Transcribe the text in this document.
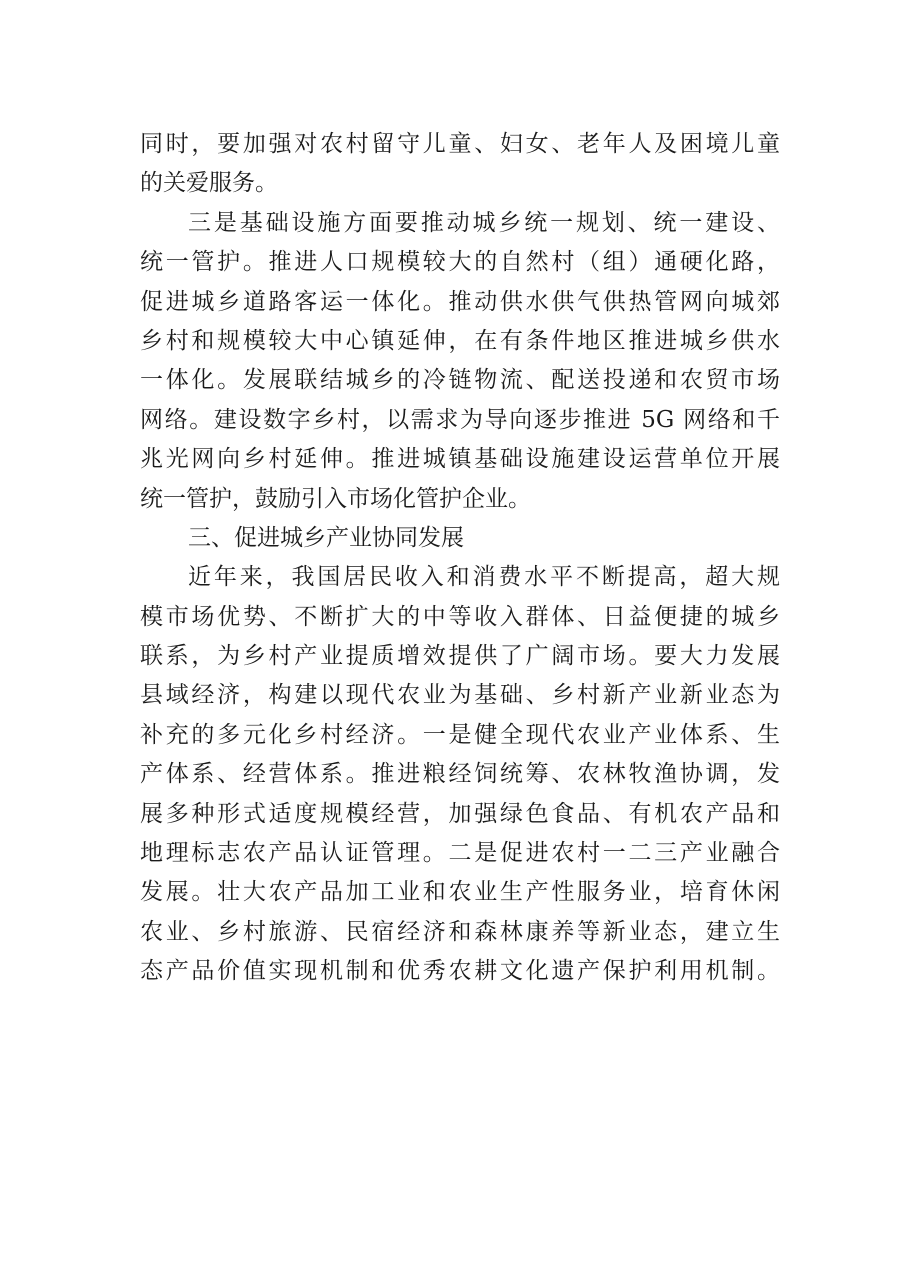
同时，要加强对农村留守儿童、妇女、老年人及困境儿童
的关爱服务。
三是基础设施方面要推动城乡统一规划、统一建设、
统一管护。推进人口规模较大的自然村（组）通硬化路，
促进城乡道路客运一体化。推动供水供气供热管网向城郊
乡村和规模较大中心镇延伸，在有条件地区推进城乡供水
一体化。发展联结城乡的冷链物流、配送投递和农贸市场
网络。建设数字乡村，以需求为导向逐步推进 5G 网络和千
兆光网向乡村延伸。推进城镇基础设施建设运营单位开展
统一管护，鼓励引入市场化管护企业。
三、促进城乡产业协同发展
近年来，我国居民收入和消费水平不断提高，超大规
模市场优势、不断扩大的中等收入群体、日益便捷的城乡
联系，为乡村产业提质增效提供了广阔市场。要大力发展
县域经济，构建以现代农业为基础、乡村新产业新业态为
补充的多元化乡村经济。一是健全现代农业产业体系、生
产体系、经营体系。推进粮经饲统筹、农林牧渔协调，发
展多种形式适度规模经营，加强绿色食品、有机农产品和
地理标志农产品认证管理。二是促进农村一二三产业融合
发展。壮大农产品加工业和农业生产性服务业，培育休闲
农业、乡村旅游、民宿经济和森林康养等新业态，建立生
态产品价值实现机制和优秀农耕文化遗产保护利用机制。
